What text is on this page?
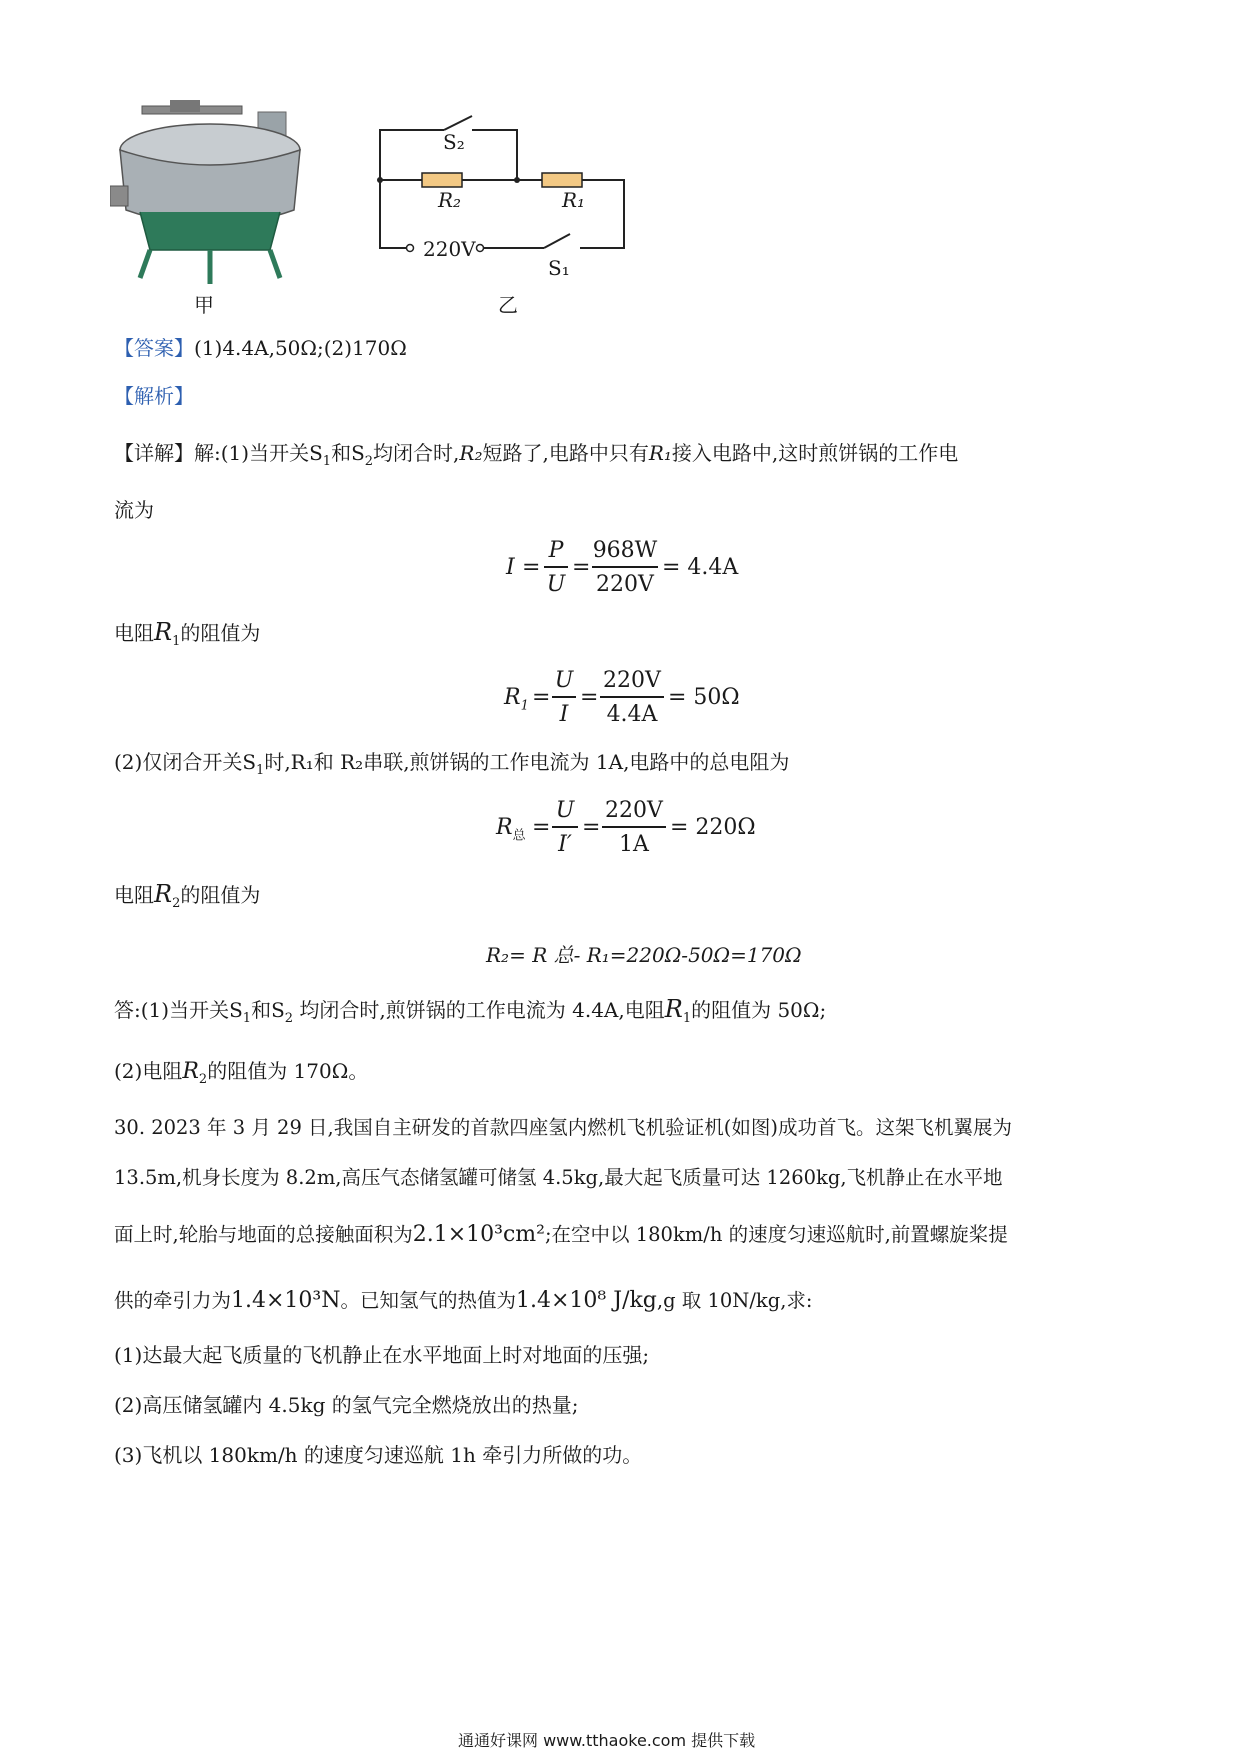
甲
S₂
R₂	R₁
220V
S₁
乙
【答案】(1)4.4A,50Ω;(2)170Ω
【解析】
【详解】解:(1)当开关$S_1$和$S_2$均闭合时,R₂短路了,电路中只有R₁接入电路中,这时煎饼锅的工作电
流为
I =
P
U
=
968W
220V
= 4.4A
电阻$R_1$的阻值为
$R_1$ =
U
I
=
220V
4.4A
= 50Ω
(2)仅闭合开关$S_1$时,R₁和 R₂串联,煎饼锅的工作电流为 1A,电路中的总电阻为
$R_总$ =
U
I′
=
220V
1A
= 220Ω
电阻$R_2$的阻值为
R₂= R 总- R₁=220Ω-50Ω=170Ω
答:(1)当开关$S_1$和$S_2$ 均闭合时,煎饼锅的工作电流为 4.4A,电阻$R_1$的阻值为 50Ω;
(2)电阻$R_2$的阻值为 170Ω。
30. 2023 年 3 月 29 日,我国自主研发的首款四座氢内燃机飞机验证机(如图)成功首飞。这架飞机翼展为
13.5m,机身长度为 8.2m,高压气态储氢罐可储氢 4.5kg,最大起飞质量可达 1260kg,飞机静止在水平地
面上时,轮胎与地面的总接触面积为2.1×10³cm²;在空中以 180km/h 的速度匀速巡航时,前置螺旋桨提
供的牵引力为1.4×10³N。已知氢气的热值为1.4×10⁸ J/kg,g 取 10N/kg,求:
(1)达最大起飞质量的飞机静止在水平地面上时对地面的压强;
(2)高压储氢罐内 4.5kg 的氢气完全燃烧放出的热量;
(3)飞机以 180km/h 的速度匀速巡航 1h 牵引力所做的功。
通通好课网 www.tthaoke.com 提供下载
